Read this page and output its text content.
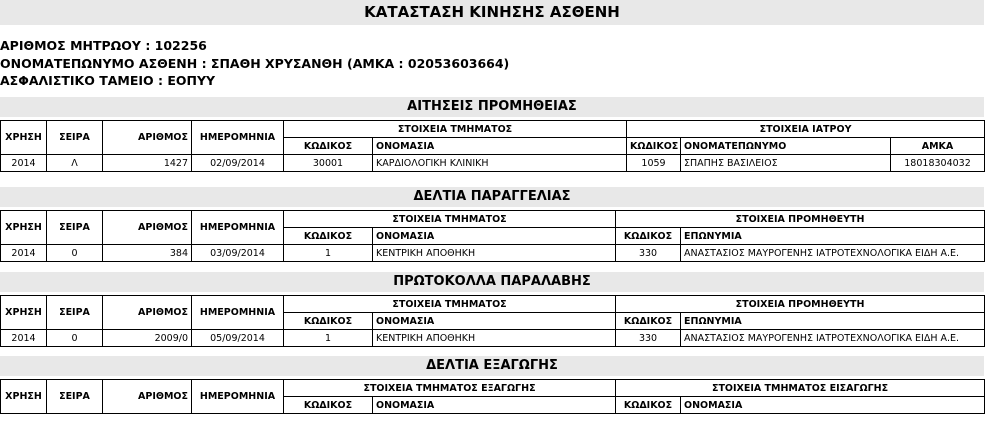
ΚΑΤΑΣΤΑΣΗ ΚΙΝΗΣΗΣ ΑΣΘΕΝΗ
ΑΡΙΘΜΟΣ ΜΗΤΡΩΟΥ : 102256
ΟΝΟΜΑΤΕΠΩΝΥΜΟ ΑΣΘΕΝΗ : ΣΠΑΘΗ ΧΡΥΣΑΝΘΗ (ΑΜΚΑ : 02053603664)
ΑΣΦΑΛΙΣΤΙΚΟ ΤΑΜΕΙΟ : ΕΟΠΥΥ
ΑΙΤΗΣΕΙΣ ΠΡΟΜΗΘΕΙΑΣ
ΧΡΗΣΗ	ΣΕΙΡΑ	ΑΡΙΘΜΟΣ	ΗΜΕΡΟΜΗΝΙΑ	ΣΤΟΙΧΕΙΑ ΤΜΗΜΑΤΟΣ		ΣΤΟΙΧΕΙΑ ΙΑΤΡΟΥ		
				ΚΩΔΙΚΟΣ	ΟΝΟΜΑΣΙΑ	ΚΩΔΙΚΟΣ	ΟΝΟΜΑΤΕΠΩΝΥΜΟ	ΑΜΚΑ
2014	Λ	1427	02/09/2014	30001	ΚΑΡΔΙΟΛΟΓΙΚΗ ΚΛΙΝΙΚΗ	1059	ΣΠΑΠΗΣ ΒΑΣΙΛΕΙΟΣ	18018304032
ΔΕΛΤΙΑ ΠΑΡΑΓΓΕΛΙΑΣ
ΧΡΗΣΗ	ΣΕΙΡΑ	ΑΡΙΘΜΟΣ	ΗΜΕΡΟΜΗΝΙΑ	ΣΤΟΙΧΕΙΑ ΤΜΗΜΑΤΟΣ		ΣΤΟΙΧΕΙΑ ΠΡΟΜΗΘΕΥΤΗ	
				ΚΩΔΙΚΟΣ	ΟΝΟΜΑΣΙΑ	ΚΩΔΙΚΟΣ	ΕΠΩΝΥΜΙΑ
2014	0	384	03/09/2014	1	ΚΕΝΤΡΙΚΗ ΑΠΟΘΗΚΗ	330	ΑΝΑΣΤΑΣΙΟΣ ΜΑΥΡΟΓΕΝΗΣ ΙΑΤΡΟΤΕΧΝΟΛΟΓΙΚΑ ΕΙΔΗ Α.Ε.
ΠΡΩΤΟΚΟΛΛΑ ΠΑΡΑΛΑΒΗΣ
ΧΡΗΣΗ	ΣΕΙΡΑ	ΑΡΙΘΜΟΣ	ΗΜΕΡΟΜΗΝΙΑ	ΣΤΟΙΧΕΙΑ ΤΜΗΜΑΤΟΣ		ΣΤΟΙΧΕΙΑ ΠΡΟΜΗΘΕΥΤΗ	
				ΚΩΔΙΚΟΣ	ΟΝΟΜΑΣΙΑ	ΚΩΔΙΚΟΣ	ΕΠΩΝΥΜΙΑ
2014	0	2009/0	05/09/2014	1	ΚΕΝΤΡΙΚΗ ΑΠΟΘΗΚΗ	330	ΑΝΑΣΤΑΣΙΟΣ ΜΑΥΡΟΓΕΝΗΣ ΙΑΤΡΟΤΕΧΝΟΛΟΓΙΚΑ ΕΙΔΗ Α.Ε.
ΔΕΛΤΙΑ ΕΞΑΓΩΓΗΣ
ΧΡΗΣΗ	ΣΕΙΡΑ	ΑΡΙΘΜΟΣ	ΗΜΕΡΟΜΗΝΙΑ	ΣΤΟΙΧΕΙΑ ΤΜΗΜΑΤΟΣ ΕΞΑΓΩΓΗΣ		ΣΤΟΙΧΕΙΑ ΤΜΗΜΑΤΟΣ ΕΙΣΑΓΩΓΗΣ	
				ΚΩΔΙΚΟΣ	ΟΝΟΜΑΣΙΑ	ΚΩΔΙΚΟΣ	ΟΝΟΜΑΣΙΑ
